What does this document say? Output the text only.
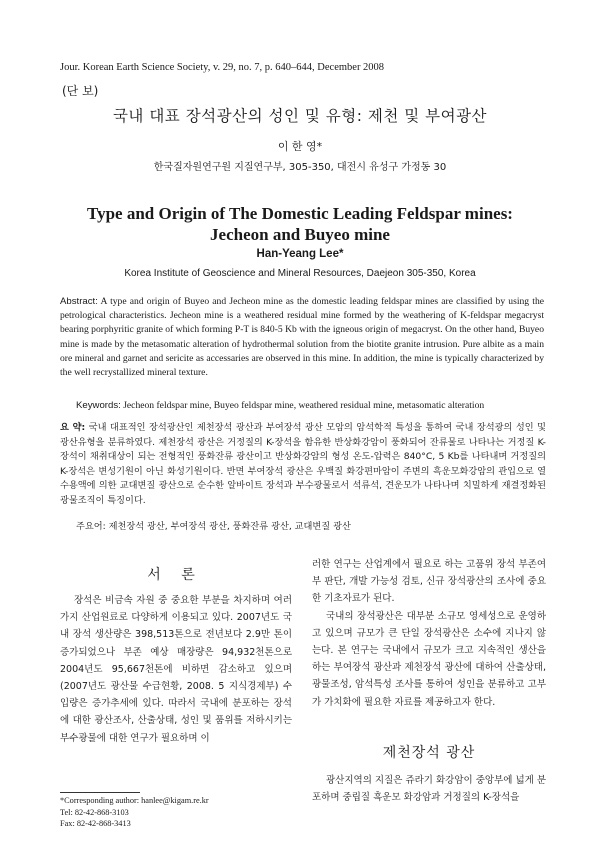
Jour. Korean Earth Science Society, v. 29, no. 7, p. 640–644, December 2008
(단 보)
국내 대표 장석광산의 성인 및 유형: 제천 및 부여광산
이 한 영*
한국질자원연구원 지질연구부, 305-350, 대전시 유성구 가정동 30
Type and Origin of The Domestic Leading Feldspar mines:
Jecheon and Buyeo mine
Han-Yeang Lee*
Korea Institute of Geoscience and Mineral Resources, Daejeon 305-350, Korea
Abstract: A type and origin of Buyeo and Jecheon mine as the domestic leading feldspar mines are classified by using the petrological characteristics. Jecheon mine is a weathered residual mine formed by the weathering of K-feldspar megacryst bearing porphyritic granite of which forming P-T is 840-5 Kb with the igneous origin of megacryst. On the other hand, Buyeo mine is made by the metasomatic alteration of hydrothermal solution from the biotite granite intrusion. Pure albite as a main ore mineral and garnet and sericite as accessaries are observed in this mine. In addition, the mine is typically characterized by the well recrystallized mineral texture.
Keywords: Jecheon feldspar mine, Buyeo feldspar mine, weathered residual mine, metasomatic alteration
요 약: 국내 대표적인 장석광산인 제천장석 광산과 부여장석 광산 모암의 암석학적 특성을 통하여 국내 장석광의 성인 및 광산유형을 분류하였다. 제천장석 광산은 거정질의 K-장석을 함유한 반상화강암이 풍화되어 잔류물로 나타나는 거정질 K-장석이 채취대상이 되는 전형적인 풍화잔류 광산이고 반상화강암의 형성 온도-압력은 840°C, 5 Kb를 나타내며 거정질의 K-장석은 변성기원이 아닌 화성기원이다. 반면 부여장석 광산은 우백질 화강편마암이 주변의 흑운모화강암의 관입으로 열수용액에 의한 교대변질 광산으로 순수한 알바이트 장석과 부수광물로서 석류석, 견운모가 나타나며 치밀하게 재결정화된 광물조직이 특징이다.
주요어: 제천장석 광산, 부여장석 광산, 풍화잔류 광산, 교대변질 광산
서 론

장석은 비금속 자원 중 중요한 부분을 차지하며 여러 가지 산업원료로 다양하게 이용되고 있다. 2007년도 국내 장석 생산량은 398,513톤으로 전년보다 2.9만 톤이 증가되었으나 부존 예상 매장량은 94,932천톤으로 2004년도 95,667천톤에 비하면 감소하고 있으며(2007년도 광산물 수급현황, 2008. 5 지식경제부) 수입량은 증가추세에 있다. 따라서 국내에 분포하는 장석에 대한 광산조사, 산출상태, 성인 및 품위를 저하시키는 부수광물에 대한 연구가 필요하며 이

러한 연구는 산업계에서 필요로 하는 고품위 장석 부존여부 판단, 개발 가능성 검토, 신규 장석광산의 조사에 중요한 기초자료가 된다.

국내의 장석광산은 대부분 소규모 영세성으로 운영하고 있으며 규모가 큰 단일 장석광산은 소수에 지나지 않는다. 본 연구는 국내에서 규모가 크고 지속적인 생산을 하는 부여장석 광산과 제천장석 광산에 대하여 산출상태, 광물조성, 암석특성 조사를 통하여 성인을 분류하고 고부가 가치화에 필요한 자료를 제공하고자 한다.

제천장석 광산

광산지역의 지질은 쥬라기 화강암이 중앙부에 넓게 분포하며 중립질 흑운모 화강암과 거정질의 K-장석을

*Corresponding author: hanlee@kigam.re.kr
Tel: 82-42-868-3103
Fax: 82-42-868-3413
